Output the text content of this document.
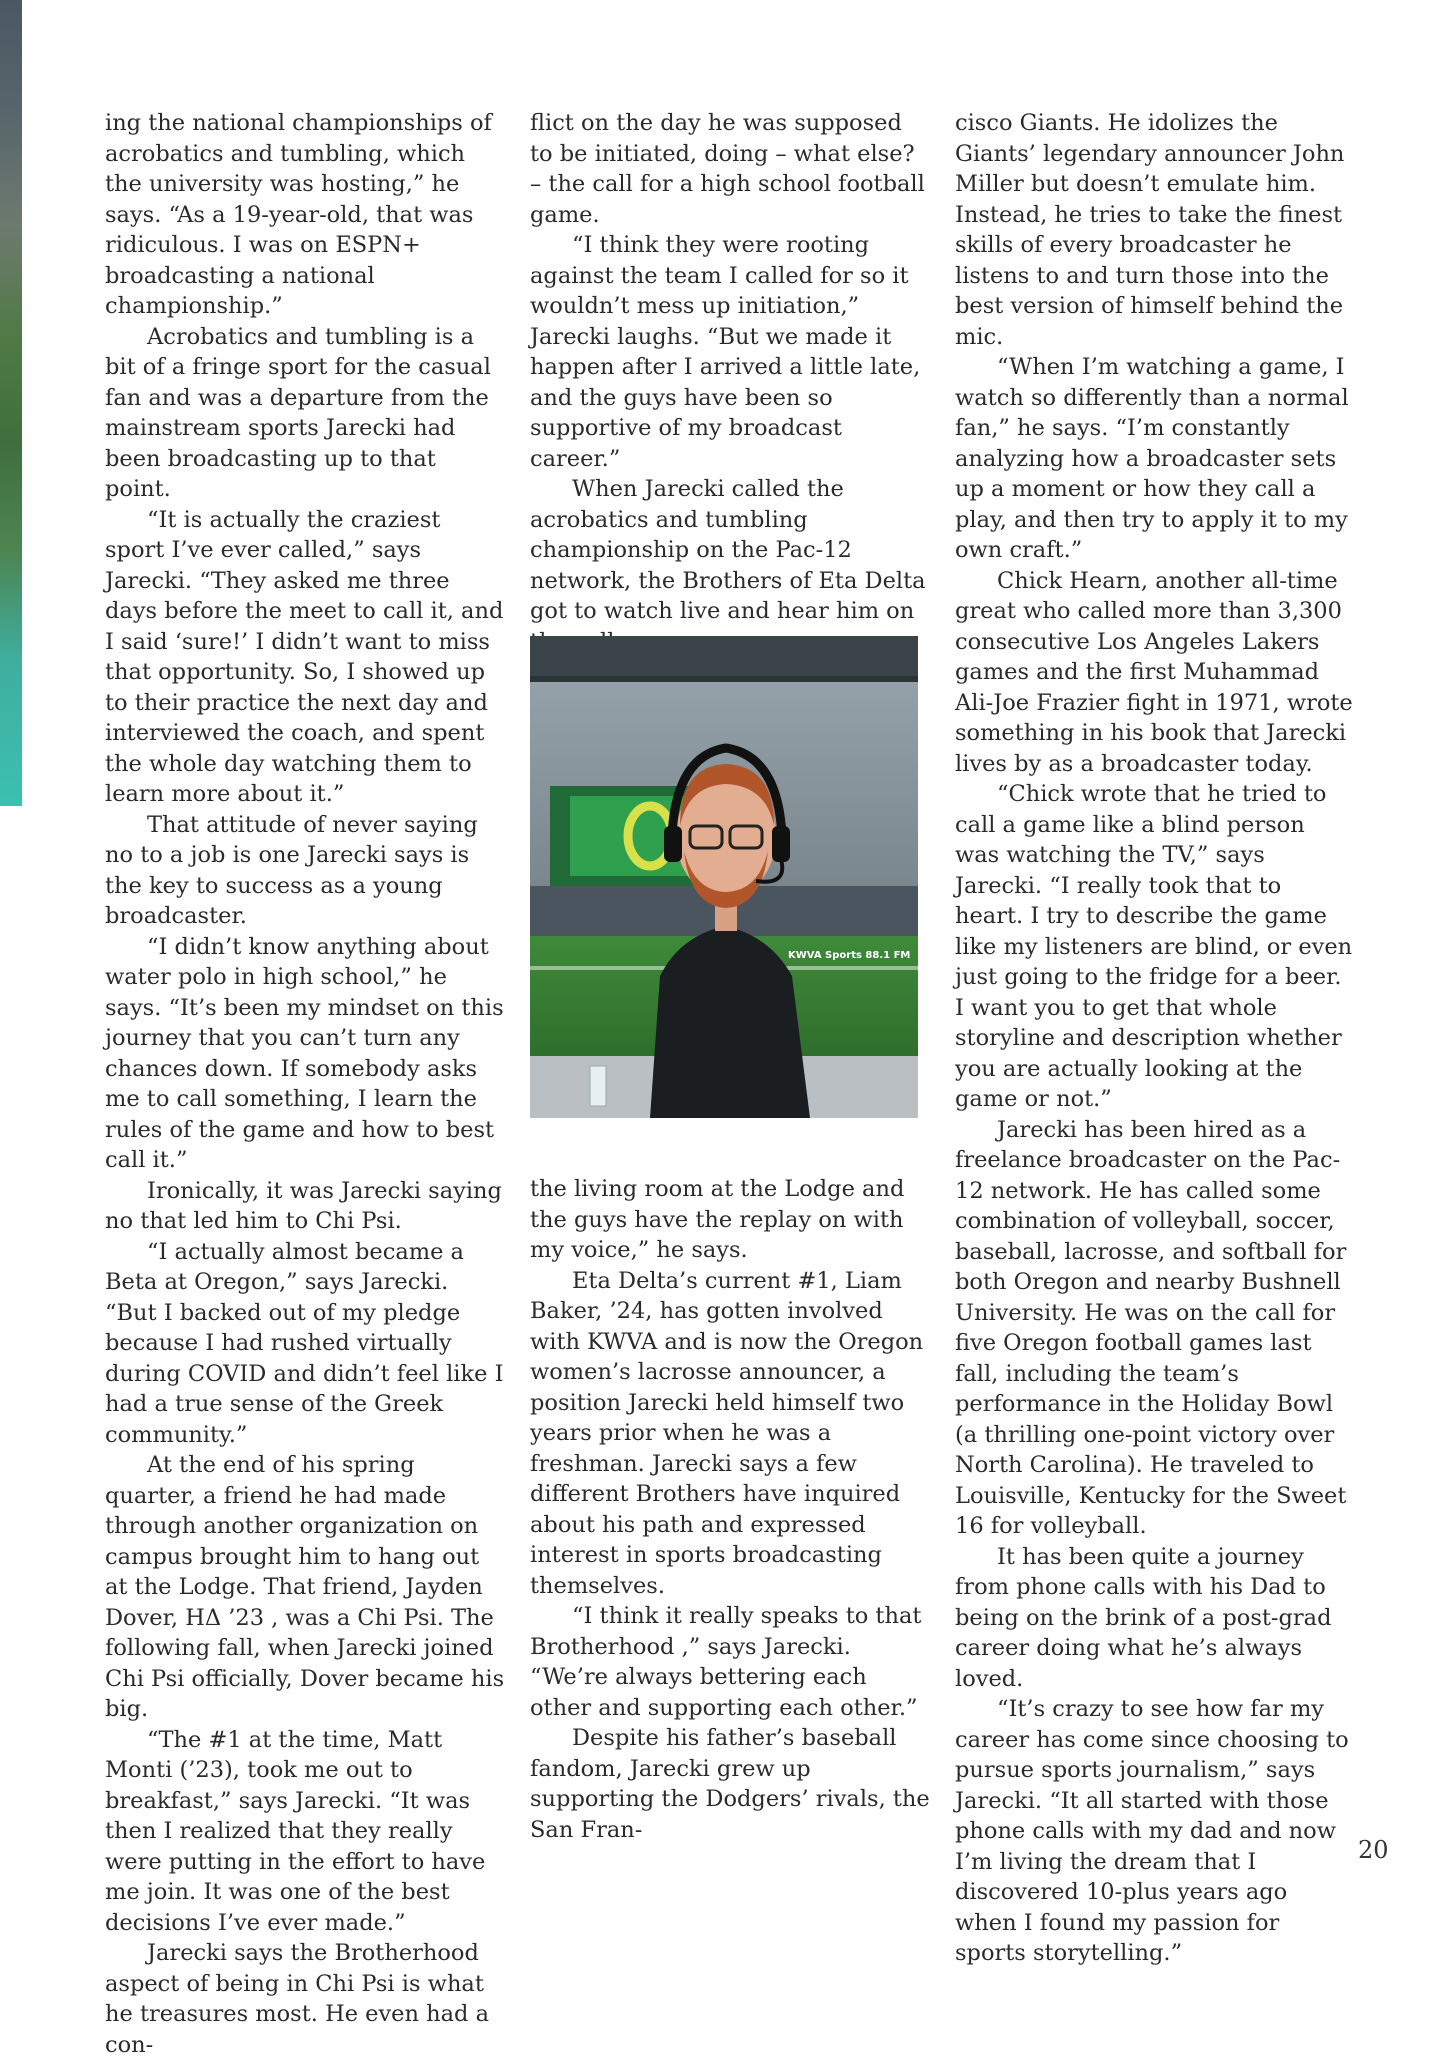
ing the national championships of acrobatics and tumbling, which the university was hosting,” he says. “As a 19-year-old, that was ridiculous. I was on ESPN+ broadcasting a national championship.”

Acrobatics and tumbling is a bit of a fringe sport for the casual fan and was a departure from the mainstream sports Jarecki had been broadcasting up to that point.

“It is actually the craziest sport I’ve ever called,” says Jarecki. “They asked me three days before the meet to call it, and I said ‘sure!’ I didn’t want to miss that opportunity. So, I showed up to their practice the next day and interviewed the coach, and spent the whole day watching them to learn more about it.”

That attitude of never saying no to a job is one Jarecki says is the key to success as a young broadcaster.

“I didn’t know anything about water polo in high school,” he says. “It’s been my mindset on this journey that you can’t turn any chances down. If somebody asks me to call something, I learn the rules of the game and how to best call it.”

Ironically, it was Jarecki saying no that led him to Chi Psi.

“I actually almost became a Beta at Oregon,” says Jarecki. “But I backed out of my pledge because I had rushed virtually during COVID and didn’t feel like I had a true sense of the Greek community.”

At the end of his spring quarter, a friend he had made through another organization on campus brought him to hang out at the Lodge. That friend, Jayden Dover, HΔ ’23 , was a Chi Psi. The following fall, when Jarecki joined Chi Psi officially, Dover became his big.

“The #1 at the time, Matt Monti (’23), took me out to breakfast,” says Jarecki. “It was then I realized that they really were putting in the effort to have me join. It was one of the best decisions I’ve ever made.”

Jarecki says the Brotherhood aspect of being in Chi Psi is what he treasures most. He even had a con-

flict on the day he was supposed to be initiated, doing – what else? – the call for a high school football game.

“I think they were rooting against the team I called for so it wouldn’t mess up initiation,” Jarecki laughs. “But we made it happen after I arrived a little late, and the guys have been so supportive of my broadcast career.”

When Jarecki called the acrobatics and tumbling championship on the Pac-12 network, the Brothers of Eta Delta got to watch live and hear him on

the living room at the Lodge and the guys have the replay on with my voice,” he says.

Eta Delta’s current #1, Liam Baker, ’24, has gotten involved with KWVA and is now the Oregon women’s lacrosse announcer, a position Jarecki held himself two years prior when he was a freshman. Jarecki says a few different Brothers have inquired about his path and expressed interest in sports broadcasting themselves.

“I think it really speaks to that Brotherhood ,” says Jarecki. “We’re always bettering each other and supporting each other.”

Despite his father’s baseball fandom, Jarecki grew up supporting the Dodgers’ rivals, the San Fran-

cisco Giants. He idolizes the Giants’ legendary announcer John Miller but doesn’t emulate him. Instead, he tries to take the finest skills of every broadcaster he listens to and turn those into the best version of himself behind the mic.

“When I’m watching a game, I watch so differently than a normal fan,” he says. “I’m constantly analyzing how a broadcaster sets up a moment or how they call a play, and then try to apply it to my own craft.”

Chick Hearn, another all-time great who called more than 3,300 consecutive Los Angeles Lakers games and the first Muhammad Ali-Joe Frazier fight in 1971, wrote something in his book that Jarecki lives by as a broadcaster today.

“Chick wrote that he tried to call a game like a blind person was watching the TV,” says Jarecki. “I really took that to heart. I try to describe the game like my listeners are blind, or even just going to the fridge for a beer. I want you to get that whole storyline and description whether you are actually looking at the game or not.”

Jarecki has been hired as a freelance broadcaster on the Pac-12 network. He has called some combination of volleyball, soccer, baseball, lacrosse, and softball for both Oregon and nearby Bushnell University. He was on the call for five Oregon football games last fall, including the team’s performance in the Holiday Bowl (a thrilling one-point victory over North Carolina). He traveled to Louisville, Kentucky for the Sweet 16 for volleyball.

It has been quite a journey from phone calls with his Dad to being on the brink of a post-grad career doing what he’s always loved.

“It’s crazy to see how far my career has come since choosing to pursue sports journalism,” says Jarecki. “It all started with those phone calls with my dad and now I’m living the dream that I discovered 10-plus years ago when I found my passion for sports storytelling.”

KWVA Sports 88.1 FM
20
